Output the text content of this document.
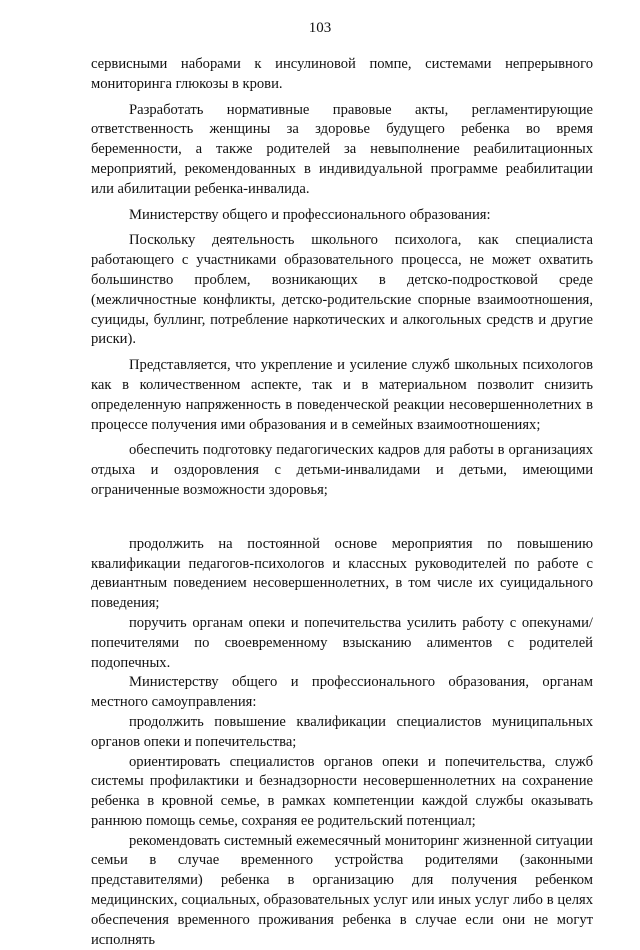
103

сервисными наборами к инсулиновой помпе, системами непрерывного мониторинга глюкозы в крови.

Разработать нормативные правовые акты, регламентирующие ответственность женщины за здоровье будущего ребенка во время беременности, а также родителей за невыполнение реабилитационных мероприятий, рекомендованных в индивидуальной программе реабилитации или абилитации ребенка-инвалида.

Министерству общего и профессионального образования:

Поскольку деятельность школьного психолога, как специалиста работающего с участниками образовательного процесса, не может охватить большинство проблем, возникающих в детско-подростковой среде (межличностные конфликты, детско-родительские спорные взаимоотношения, суициды, буллинг, потребление наркотических и алкогольных средств и другие риски).

Представляется, что укрепление и усиление служб школьных психологов как в количественном аспекте, так и в материальном позволит снизить определенную напряженность в поведенческой реакции несовершеннолетних в процессе получения ими образования и в семейных взаимоотношениях;

обеспечить подготовку педагогических кадров для работы в организациях отдыха и оздоровления с детьми-инвалидами и детьми, имеющими ограниченные возможности здоровья;

продолжить на постоянной основе мероприятия по повышению квалификации педагогов-психологов и классных руководителей по работе с девиантным поведением несовершеннолетних, в том числе их суицидального поведения;

поручить органам опеки и попечительства усилить работу с опекунами/попечителями по своевременному взысканию алиментов с родителей подопечных.

Министерству общего и профессионального образования, органам местного самоуправления:

продолжить повышение квалификации специалистов муниципальных органов опеки и попечительства;

ориентировать специалистов органов опеки и попечительства, служб системы профилактики и безнадзорности несовершеннолетних на сохранение ребенка в кровной семье, в рамках компетенции каждой службы оказывать раннюю помощь семье, сохраняя ее родительский потенциал;

рекомендовать системный ежемесячный мониторинг жизненной ситуации семьи в случае временного устройства родителями (законными представителями) ребенка в организацию для получения ребенком медицинских, социальных, образовательных услуг или иных услуг либо в целях обеспечения временного проживания ребенка в случае если они не могут исполнять
